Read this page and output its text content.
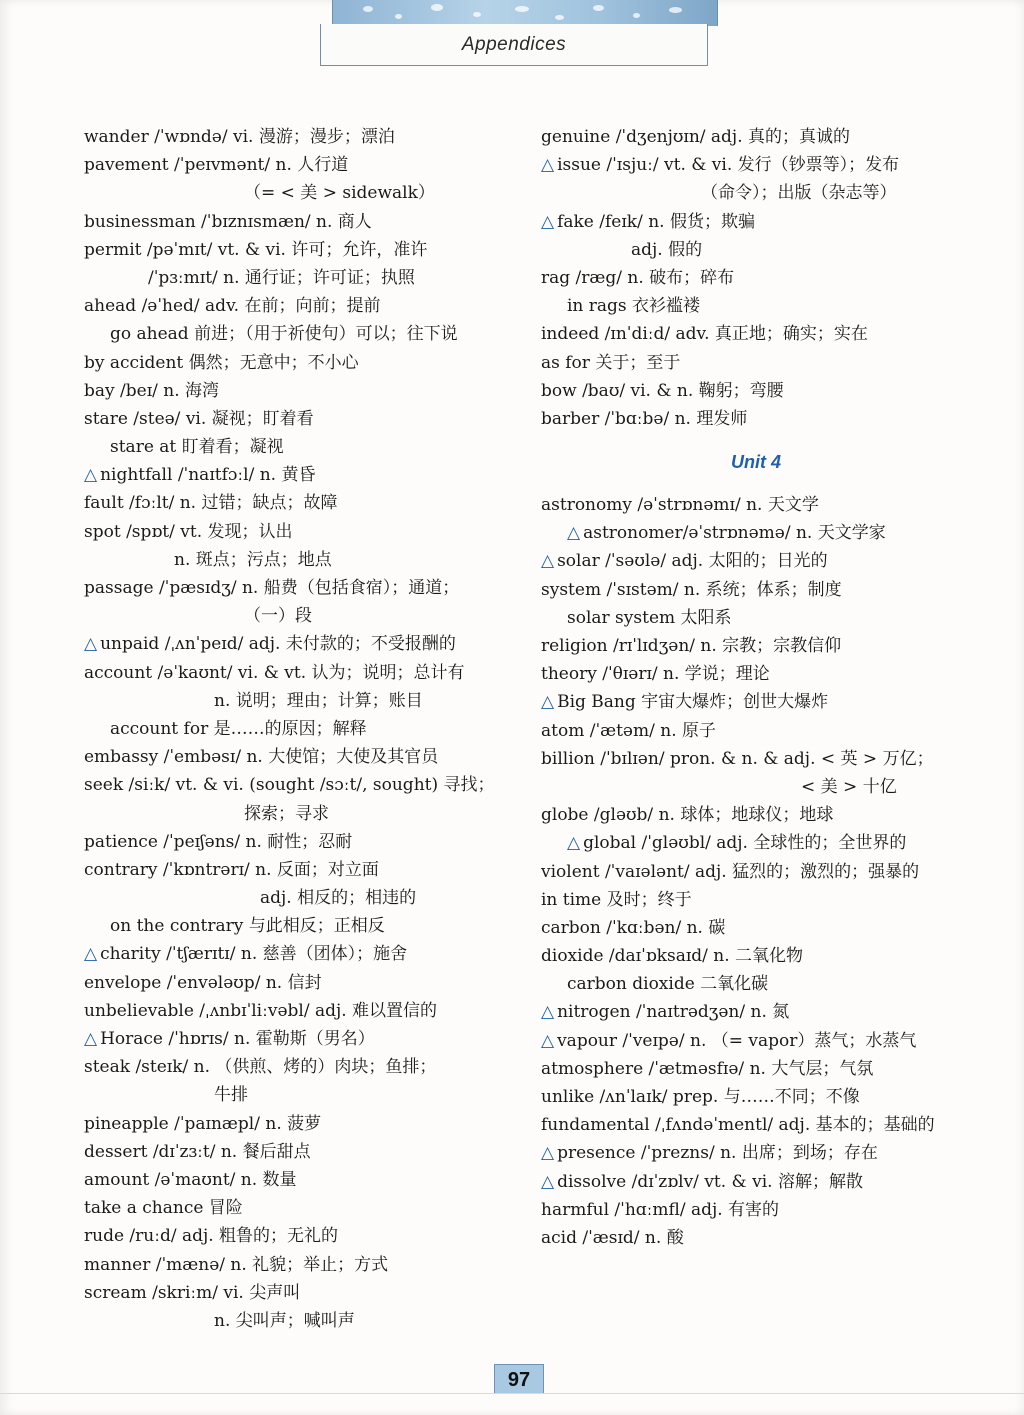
Appendices
wander /ˈwɒndə/ vi. 漫游；漫步；漂泊
pavement /ˈpeɪvmənt/ n. 人行道
（= < 美 > sidewalk）
businessman /ˈbɪznɪsmæn/ n. 商人
permit /pəˈmɪt/ vt. & vi. 许可；允许，准许
/ˈpɜːmɪt/ n. 通行证；许可证；执照
ahead /əˈhed/ adv. 在前；向前；提前
go ahead 前进；（用于祈使句）可以；往下说
by accident 偶然；无意中；不小心
bay /beɪ/ n. 海湾
stare /steə/ vi. 凝视；盯着看
stare at 盯着看；凝视
△ nightfall /ˈnaɪtfɔːl/ n. 黄昏
fault /fɔːlt/ n. 过错；缺点；故障
spot /spɒt/ vt. 发现；认出
n. 斑点；污点；地点
passage /ˈpæsɪdʒ/ n. 船费（包括食宿）；通道；
（一）段
△ unpaid /ˌʌnˈpeɪd/ adj. 未付款的；不受报酬的
account /əˈkaʊnt/ vi. & vt. 认为；说明；总计有
n. 说明；理由；计算；账目
account for 是……的原因；解释
embassy /ˈembəsɪ/ n. 大使馆；大使及其官员
seek /siːk/ vt. & vi. (sought /sɔːt/, sought) 寻找；
探索；寻求
patience /ˈpeɪʃəns/ n. 耐性；忍耐
contrary /ˈkɒntrərɪ/ n. 反面；对立面
adj. 相反的；相违的
on the contrary 与此相反；正相反
△ charity /ˈtʃærɪtɪ/ n. 慈善（团体）；施舍
envelope /ˈenvələʊp/ n. 信封
unbelievable /ˌʌnbɪˈliːvəbl/ adj. 难以置信的
△ Horace /ˈhɒrɪs/ n. 霍勒斯（男名）
steak /steɪk/ n. （供煎、烤的）肉块；鱼排；
牛排
pineapple /ˈpaɪnæpl/ n. 菠萝
dessert /dɪˈzɜːt/ n. 餐后甜点
amount /əˈmaʊnt/ n. 数量
take a chance 冒险
rude /ruːd/ adj. 粗鲁的；无礼的
manner /ˈmænə/ n. 礼貌；举止；方式
scream /skriːm/ vi. 尖声叫
n. 尖叫声；喊叫声
genuine /ˈdʒenjʊɪn/ adj. 真的；真诚的
△ issue /ˈɪsjuː/ vt. & vi. 发行（钞票等）；发布
（命令）；出版（杂志等）
△ fake /feɪk/ n. 假货；欺骗
adj. 假的
rag /ræg/ n. 破布；碎布
in rags 衣衫褴褛
indeed /ɪnˈdiːd/ adv. 真正地；确实；实在
as for 关于；至于
bow /baʊ/ vi. & n. 鞠躬；弯腰
barber /ˈbɑːbə/ n. 理发师
Unit 4
astronomy /əˈstrɒnəmɪ/ n. 天文学
△ astronomer/əˈstrɒnəmə/ n. 天文学家
△ solar /ˈsəʊlə/ adj. 太阳的；日光的
system /ˈsɪstəm/ n. 系统；体系；制度
solar system 太阳系
religion /rɪˈlɪdʒən/ n. 宗教；宗教信仰
theory /ˈθɪərɪ/ n. 学说；理论
△ Big Bang 宇宙大爆炸；创世大爆炸
atom /ˈætəm/ n. 原子
billion /ˈbɪlɪən/ pron. & n. & adj. < 英 > 万亿；
< 美 > 十亿
globe /gləʊb/ n. 球体；地球仪；地球
△ global /ˈgləʊbl/ adj. 全球性的；全世界的
violent /ˈvaɪələnt/ adj. 猛烈的；激烈的；强暴的
in time 及时；终于
carbon /ˈkɑːbən/ n. 碳
dioxide /daɪˈɒksaɪd/ n. 二氧化物
carbon dioxide 二氧化碳
△ nitrogen /ˈnaɪtrədʒən/ n. 氮
△ vapour /ˈveɪpə/ n. （= vapor）蒸气；水蒸气
atmosphere /ˈætməsfɪə/ n. 大气层；气氛
unlike /ʌnˈlaɪk/ prep. 与……不同；不像
fundamental /ˌfʌndəˈmentl/ adj. 基本的；基础的
△ presence /ˈprezns/ n. 出席；到场；存在
△ dissolve /dɪˈzɒlv/ vt. & vi. 溶解；解散
harmful /ˈhɑːmfl/ adj. 有害的
acid /ˈæsɪd/ n. 酸
97
